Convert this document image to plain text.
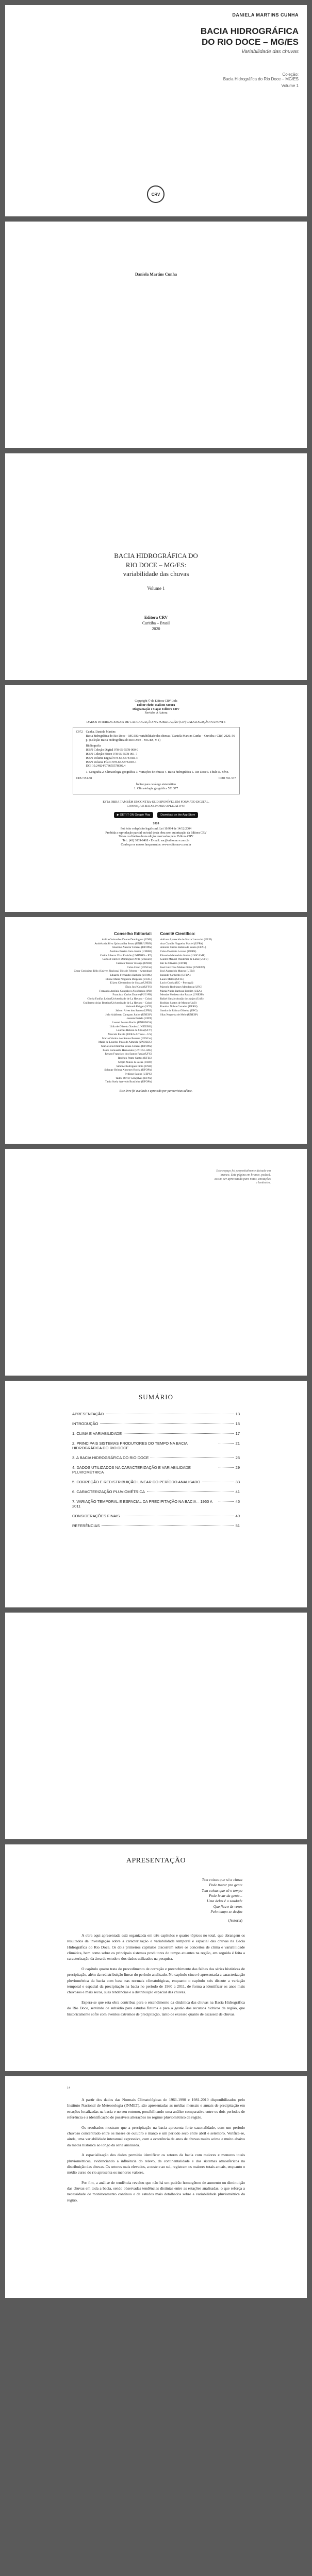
DANIELA MARTINS CUNHA
BACIA HIDROGRÁFICA
DO RIO DOCE – MG/ES
Variabilidade das chuvas
Coleção:
Bacia Hidrográfica do Rio Doce – MG/ES
Volume 1
CRV
Daniela Martins Cunha
BACIA HIDROGRÁFICA DO
RIO DOCE – MG/ES:
variabilidade das chuvas
Volume 1
Editora CRV
Curitiba – Brasil
2020
Copyright © da Editora CRV Ltda
Editor-chefe: Railson Moura
Diagramação e Capa: Editora CRV
Revisão: A Autora
DADOS INTERNACIONAIS DE CATALOGAÇÃO NA PUBLICAÇÃO (CIP) CATALOGAÇÃO NA FONTE
C972 Cunha, Daniela Martins
Bacia hidrográfica do Rio Doce – MG/ES: variabilidade das chuvas / Daniela Martins Cunha – Curitiba : CRV, 2020. 56 p. (Coleção Bacia Hidrográfica do Rio Doce – MG/ES, v. 1)
Bibliografia
ISBN Coleção Digital 978-65-5578-000-0
ISBN Coleção Físico 978-65-5578-001-7
ISBN Volume Digital 978-65-5578-002-4
ISBN Volume Físico 978-65-5578-003-1
DOI 10.24824/978655578002.4
1. Geografia 2. Climatologia geográfica 3. Variações de chuvas 4. Bacia hidrográfica 5. Rio Doce I. Título II. Série.
CDU 551.58	CDD 551.577
Índice para catálogo sistemático
1. Climatologia geográfica 551.577
ESTA OBRA TAMBÉM ENCONTRA-SE DISPONÍVEL EM FORMATO DIGITAL.
CONHEÇA E BAIXE NOSSO APLICATIVO!
▶ GET IT ON Google Play	Download on the App Store
2020
Foi feito o depósito legal conf. Lei 10.994 de 14/12/2004
Proibida a reprodução parcial ou total desta obra sem autorização da Editora CRV
Todos os direitos desta edição reservados pela: Editora CRV
Tel.: (41) 3039-6418 - E-mail: sac@editoracrv.com.br
Conheça os nossos lançamentos: www.editoracrv.com.br
Conselho Editorial:
Aldira Guimarães Duarte Domínguez (UNB)
Andréia da Silva Quintanilha Sousa (UNIR/UFRN)
Anselmo Alencar Colares (UFOPA)
Antônio Pereira Gaio Júnior (UFRRJ)
Carlos Alberto Vilar Estêvão (UMINHO – PT)
Carlos Federico Dominguez Avila (Unieuro)
Carmen Tereza Velanga (UNIR)
Celso Conti (UFSCar)
Cesar Gerónimo Tello (Univer. Nacional Três de Febrero – Argentina)
Eduardo Fernandes Barbosa (UFMG)
Elione Maria Nogueira Diogenes (UFAL)
Elizeu Clementino de Souza (UNEB)
Élsio José Corá (UFFS)
Fernando Antônio Gonçalves Alcoforado (IPB)
Francisco Carlos Duarte (PUC-PR)
Gloria Fariñas León (Universidade de La Havana – Cuba)
Guillermo Arias Beatón (Universidade de La Havana – Cuba)
Helmuth Krüger (UCP)
Jailson Alves dos Santos (UFRJ)
João Adalberto Campato Junior (UNESP)
Josania Portela (UFPI)
Leonel Severo Rocha (UNISINOS)
Lídia de Oliveira Xavier (UNIEURO)
Lourdes Helena da Silva (UFV)
Marcelo Paixão (UFRJ e UTexas – US)
Maria Cristina dos Santos Bezerra (UFSCar)
Maria de Lourdes Pinto de Almeida (UNOESC)
Maria Lília Imbiriba Sousa Colares (UFOPA)
Paulo Romualdo Hernandes (UNIFAL-MG)
Renato Francisco dos Santos Paula (UFG)
Rodrigo Pratte-Santos (UFES)
Sérgio Nunes de Jesus (IFRO)
Simone Rodrigues Pinto (UNB)
Solange Helena Ximenes-Rocha (UFOPA)
Sydione Santos (UEPG)
Tadeu Oliver Gonçalves (UFPA)
Tania Suely Azevedo Brasileiro (UFOPA)
Comitê Científico:
Adriana Aparecida de Souza Lanzarini (UFJF)
Ana Claudia Nogueira Maciel (UFPA)
Antonio Carlos Batista de Souza (UFAL)
Celso Donizete Locatel (UFRN)
Eduardo Marandola Júnior (UNICAMP)
Gunter Manoel Waldemar de Lima (UEFS)
Jair de Oliveira (UFPB)
José Luiz Dias Matias Júnior (UNIFAP)
José Aparecido Mateus (UEM)
Jurandir Sarmento (UFBA)
Lauro Mattei (UFSC)
Lucio Cunha (UC – Portugal)
Marcelo Rodrigues Mendonça (UFG)
Maria Nubia Barbosa Bonfim (UEA)
Messias Modesto dos Passos (UNESP)
Rafael Sanzio Araújo dos Anjos (UnB)
Rodrigo Santos de Moura (UnB)
Rosalvo Nobre Carneiro (UERN)
Sandra de Fátima Oliveira (UFG)
Silas Nogueira de Melo (UNESP)
Este livro foi avaliado e aprovado por pareceristas ad hoc.
Este espaço foi propositalmente deixado em branco. Esta página em branco, poderá, assim, ser aproveitada para notas, anotações e lembretes.
SUMÁRIO
APRESENTAÇÃO	13
INTRODUÇÃO	15
1. CLIMA E VARIABILIDADE	17
2. PRINCIPAIS SISTEMAS PRODUTORES DO TEMPO NA BACIA HIDROGRÁFICA DO RIO DOCE
21
3. A BACIA HIDROGRÁFICA DO RIO DOCE	25
4. DADOS UTILIZADOS NA CARACTERIZAÇÃO E VARIABILIDADE PLUVIOMÉTRICA
29
5. CORREÇÃO E REDISTRIBUIÇÃO LINEAR DO PERÍODO ANALISADO	33
6. CARACTERIZAÇÃO PLUVIOMÉTRICA	41
7. VARIAÇÃO TEMPORAL E ESPACIAL DA PRECIPITAÇÃO NA BACIA – 1960 A 2011
45
CONSIDERAÇÕES FINAIS	49
REFERÊNCIAS	51
APRESENTAÇÃO
Tem coisas que só a chuva
Pode trazer pra gente
Tem coisas que só o tempo
Pode levar da gente...
Uma delas é a saudade
Que fica e às vezes
Pelo tempo se desfaz
(Autoria)

A obra aqui apresentada está organizada em três capítulos e quatro tópicos no total, que abrangem os resultados da investigação sobre a caracterização e variabilidade temporal e espacial das chuvas na Bacia Hidrográfica do Rio Doce. Os dois primeiros capítulos discorrem sobre os conceitos de clima e variabilidade climática, bem como sobre os principais sistemas produtores do tempo atuantes na região, em seguida é feita a caracterização da área de estudo e dos dados utilizados na pesquisa.

O capítulo quatro trata do procedimento de correção e preenchimento das falhas das séries históricas de precipitação, além da redistribuição linear do período analisado. No capítulo cinco é apresentada a caracterização pluviométrica da bacia com base nas normais climatológicas, enquanto o capítulo seis discute a variação temporal e espacial da precipitação na bacia no período de 1960 a 2011, de forma a identificar os anos mais chuvosos e mais secos, suas tendências e a distribuição espacial das chuvas.

Espera-se que esta obra contribua para o entendimento da dinâmica das chuvas na Bacia Hidrográfica do Rio Doce, servindo de subsídio para estudos futuros e para a gestão dos recursos hídricos da região, que historicamente sofre com eventos extremos de precipitação, tanto de excesso quanto de escassez de chuvas.

14

A partir dos dados das Normais Climatológicas de 1961-1990 e 1981-2010 disponibilizados pelo Instituto Nacional de Meteorologia (INMET), são apresentadas as médias mensais e anuais de precipitação em estações localizadas na bacia e no seu entorno, possibilitando uma análise comparativa entre os dois períodos de referência e a identificação de possíveis alterações no regime pluviométrico da região.

Os resultados mostram que a precipitação na bacia apresenta forte sazonalidade, com um período chuvoso concentrado entre os meses de outubro e março e um período seco entre abril e setembro. Verifica-se, ainda, uma variabilidade interanual expressiva, com a ocorrência de anos de chuvas muito acima e muito abaixo da média histórica ao longo da série analisada.

A espacialização dos dados permitiu identificar os setores da bacia com maiores e menores totais pluviométricos, evidenciando a influência do relevo, da continentalidade e dos sistemas atmosféricos na distribuição das chuvas. Os setores mais elevados, a oeste e ao sul, registram os maiores totais anuais, enquanto o médio curso do rio apresenta os menores valores.

Por fim, a análise de tendência revelou que não há um padrão homogêneo de aumento ou diminuição das chuvas em toda a bacia, sendo observadas tendências distintas entre as estações analisadas, o que reforça a necessidade de monitoramento contínuo e de estudos mais detalhados sobre a variabilidade pluviométrica da região.
